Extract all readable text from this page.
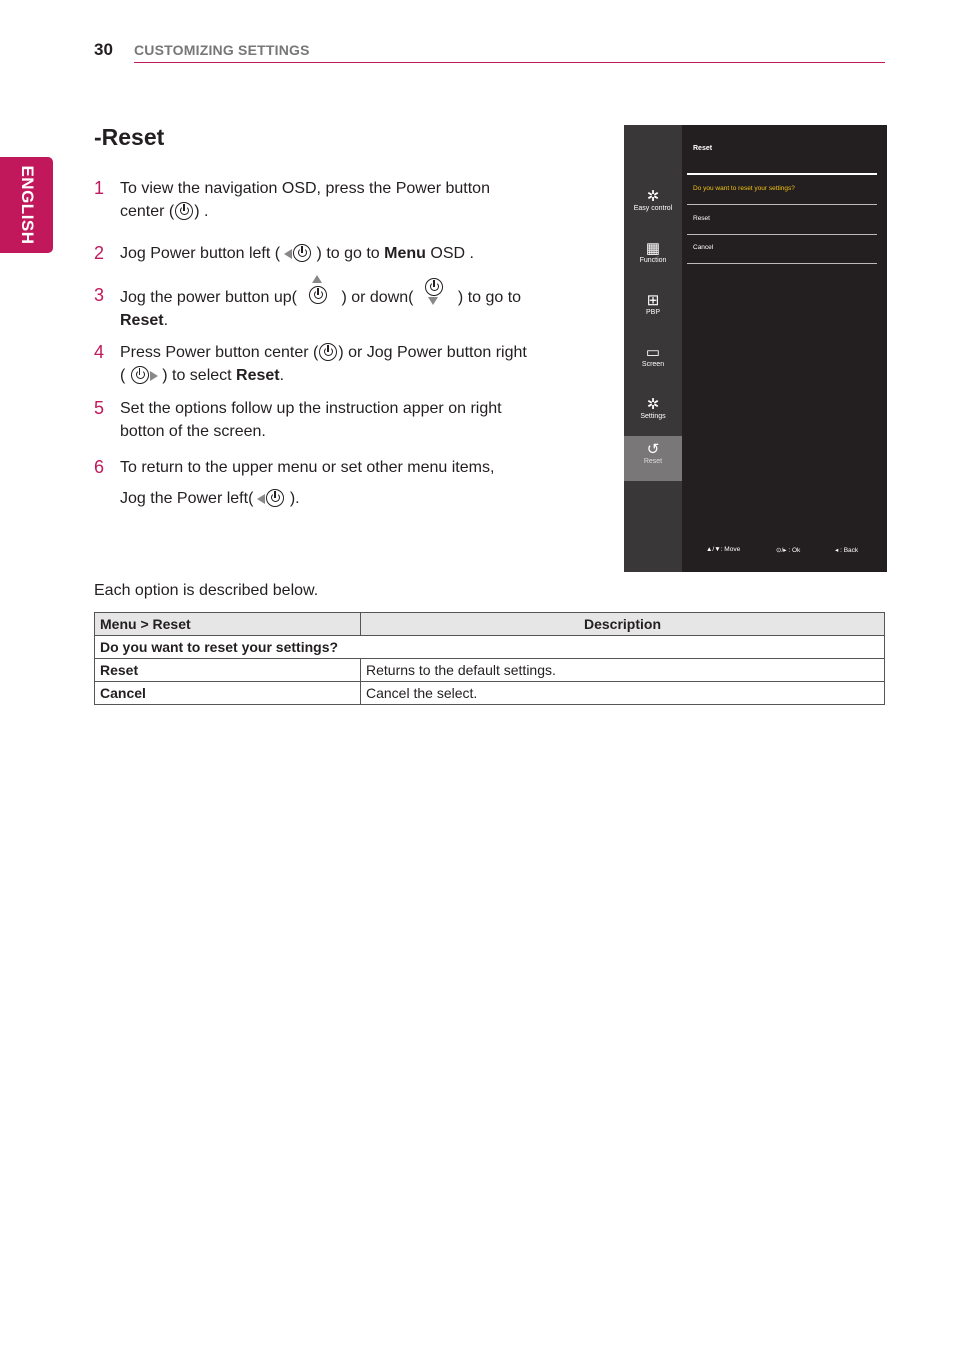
30 CUSTOMIZING SETTINGS
ENGLISH
-Reset
1 To view the navigation OSD, press the Power button center ( ) .
2 Jog Power button left ( ) to go to Menu OSD .
3 Jog the power button up(	) or down(	) to go to Reset.
4 Press Power button center ( ) or Jog Power button right (  ) to select Reset.
5 Set the options follow up the instruction apper on right botton of the screen.
6 To return to the upper menu or set other menu items,
Jog the Power left( ).
✲
Easy control
▦
Function
⊞
PBP
▭
Screen
✲
Settings
↺
Reset
Reset
Do you want to reset your settings?
Reset
Cancel
▲/▼: Move	⊙/▸ : Ok	◂ : Back
Each option is described below.
Menu > Reset	Description
Do you want to reset your settings?	
Reset	Returns to the default settings.
Cancel	Cancel the select.
